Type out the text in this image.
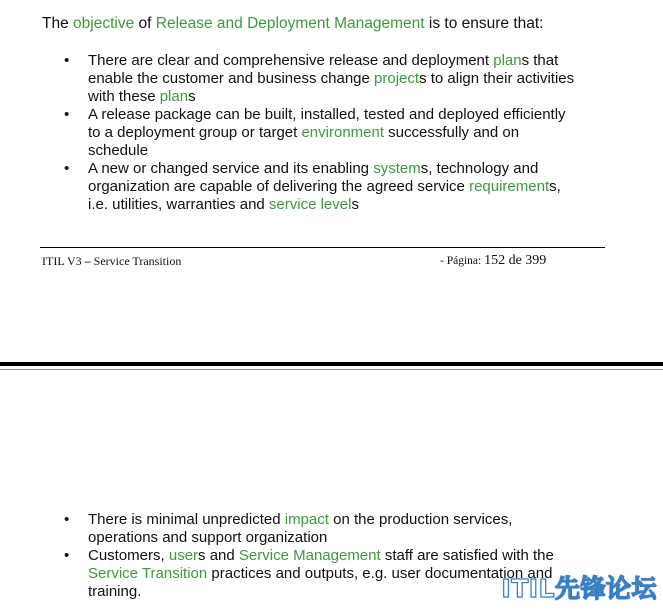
The objective of Release and Deployment Management is to ensure that:
• There are clear and comprehensive release and deployment plans that
enable the customer and business change projects to align their activities
with these plans
• A release package can be built, installed, tested and deployed efficiently
to a deployment group or target environment successfully and on
schedule
• A new or changed service and its enabling systems, technology and
organization are capable of delivering the agreed service requirements,
i.e. utilities, warranties and service levels
ITIL V3 – Service Transition	- Página: 152 de 399
• There is minimal unpredicted impact on the production services,
operations and support organization
• Customers, users and Service Management staff are satisfied with the
Service Transition practices and outputs, e.g. user documentation and
training.	ITIL先锋论坛
